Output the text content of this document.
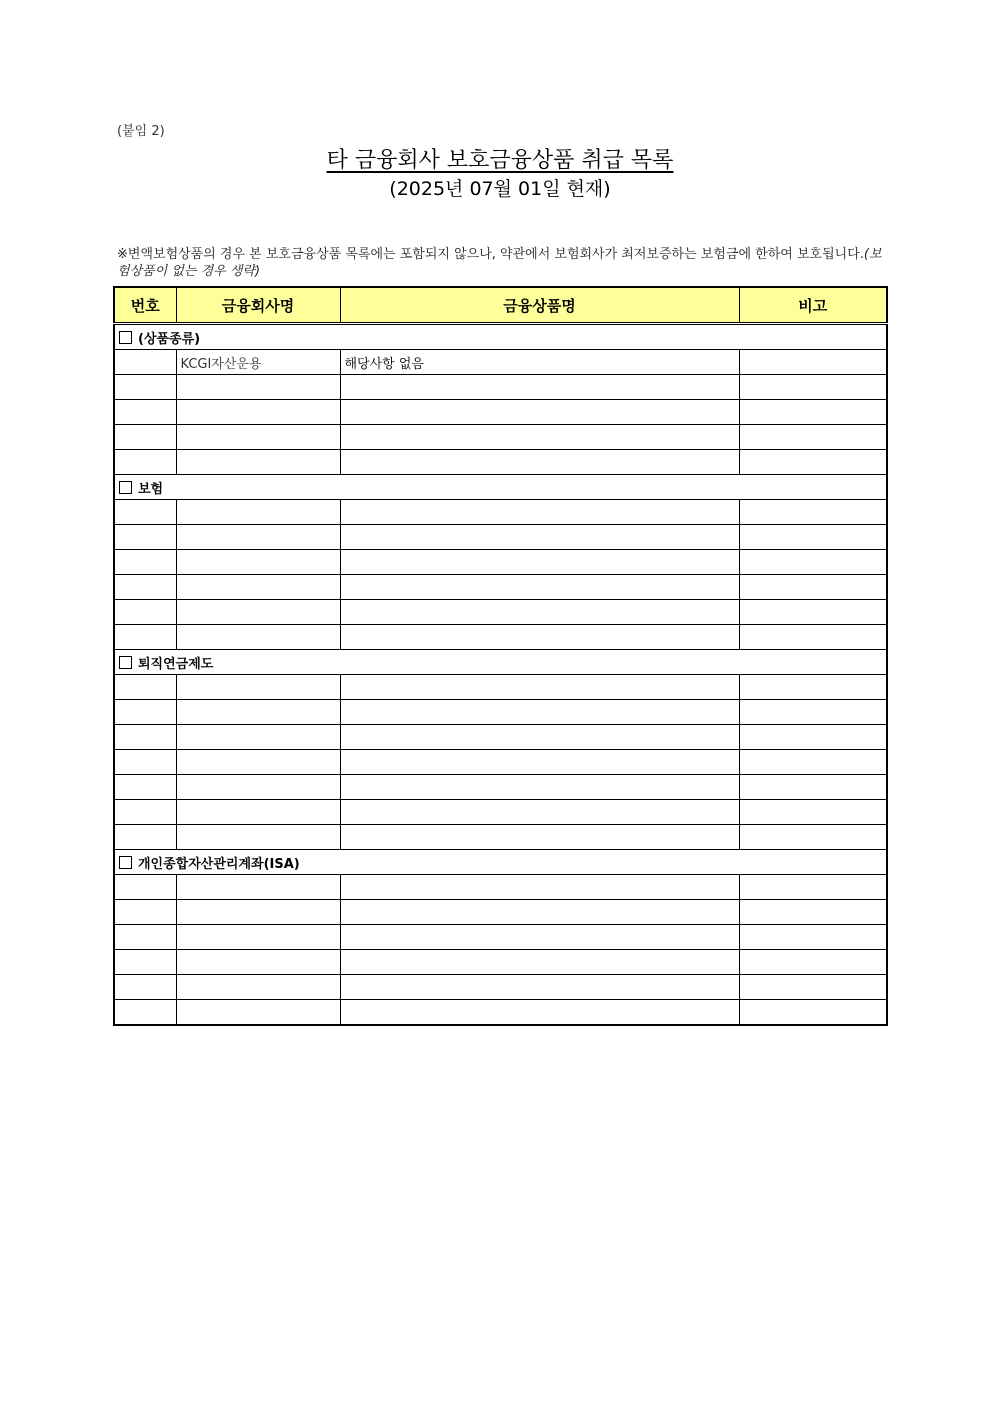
(붙임 2)
타 금융회사 보호금융상품 취급 목록
(2025년 07월 01일 현재)
※변액보험상품의 경우 본 보호금융상품 목록에는 포함되지 않으나, 약관에서 보험회사가 최저보증하는 보험금에 한하여 보호됩니다.(보험상품이 없는 경우 생략)
번호	금융회사명	금융상품명	비고
(상품종류)			
	KCGI자산운용	해당사항 없음	

보험			

퇴직연금제도			

개인종합자산관리계좌(ISA)			
